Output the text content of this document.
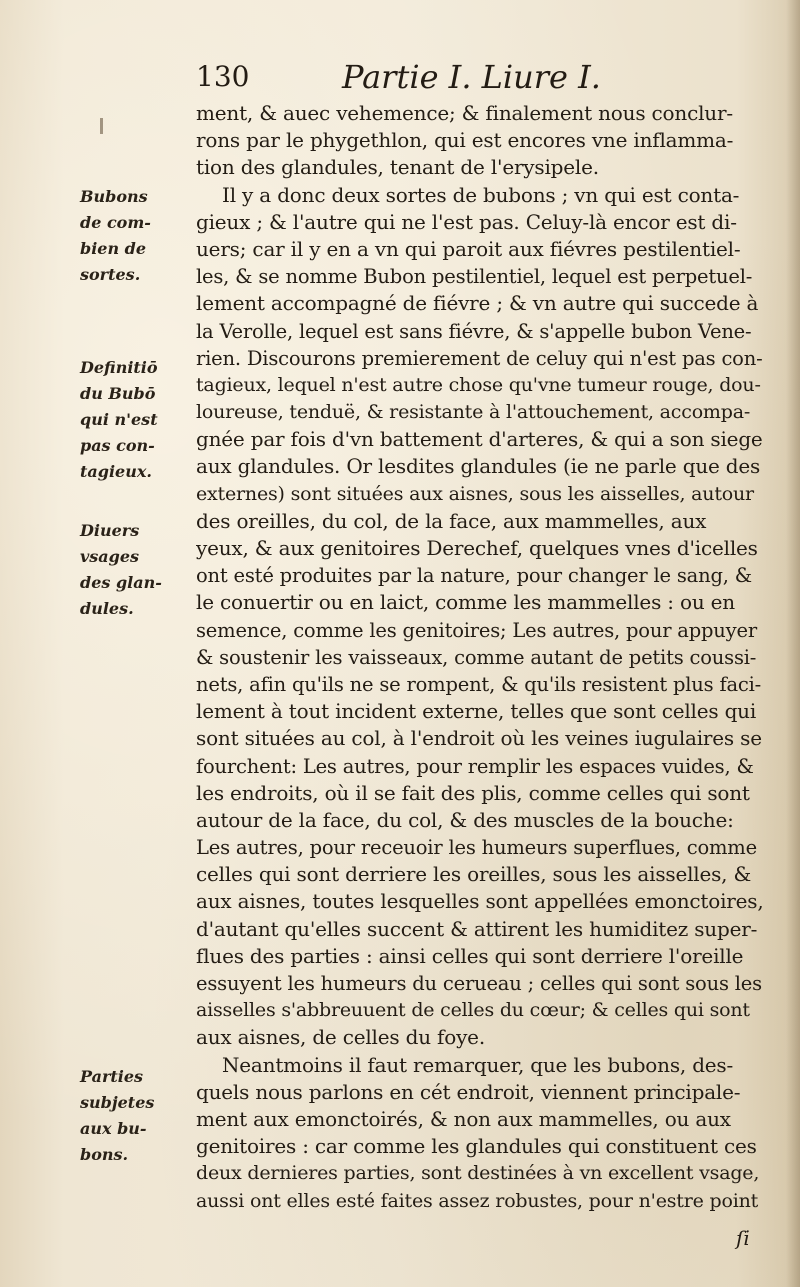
130	Partie I. Liure I.
Bubons
de com-
bien de
sortes.
Definitiō
du Bubō
qui n'est
pas con-
tagieux.
Diuers
vsages
des glan-
dules.
Parties
subjetes
aux bu-
bons.
ment, & auec vehemence; & finalement nous conclur-
rons par le phygethlon, qui est encores vne inflamma-
tion des glandules, tenant de l'erysipele.
Il y a donc deux sortes de bubons ; vn qui est conta-
gieux ; & l'autre qui ne l'est pas. Celuy-là encor est di-
uers; car il y en a vn qui paroit aux fiévres pestilentiel-
les, & se nomme Bubon pestilentiel, lequel est perpetuel-
lement accompagné de fiévre ; & vn autre qui succede à
la Verolle, lequel est sans fiévre, & s'appelle bubon Vene-
rien. Discourons premierement de celuy qui n'est pas con-
tagieux, lequel n'est autre chose qu'vne tumeur rouge, dou-
loureuse, tenduë, & resistante à l'attouchement, accompa-
gnée par fois d'vn battement d'arteres, & qui a son siege
aux glandules. Or lesdites glandules (ie ne parle que des
externes) sont situées aux aisnes, sous les aisselles, autour
des oreilles, du col, de la face, aux mammelles, aux
yeux, & aux genitoires Derechef, quelques vnes d'icelles
ont esté produites par la nature, pour changer le sang, &
le conuertir ou en laict, comme les mammelles : ou en
semence, comme les genitoires; Les autres, pour appuyer
& soustenir les vaisseaux, comme autant de petits coussi-
nets, afin qu'ils ne se rompent, & qu'ils resistent plus faci-
lement à tout incident externe, telles que sont celles qui
sont situées au col, à l'endroit où les veines iugulaires se
fourchent: Les autres, pour remplir les espaces vuides, &
les endroits, où il se fait des plis, comme celles qui sont
autour de la face, du col, & des muscles de la bouche:
Les autres, pour receuoir les humeurs superflues, comme
celles qui sont derriere les oreilles, sous les aisselles, &
aux aisnes, toutes lesquelles sont appellées emonctoires,
d'autant qu'elles succent & attirent les humiditez super-
flues des parties : ainsi celles qui sont derriere l'oreille
essuyent les humeurs du cerueau ; celles qui sont sous les
aisselles s'abbreuuent de celles du cœur; & celles qui sont
aux aisnes, de celles du foye.
Neantmoins il faut remarquer, que les bubons, des-
quels nous parlons en cét endroit, viennent principale-
ment aux emonctoirés, & non aux mammelles, ou aux
genitoires : car comme les glandules qui constituent ces
deux dernieres parties, sont destinées à vn excellent vsage,
aussi ont elles esté faites assez robustes, pour n'estre point
ſi
